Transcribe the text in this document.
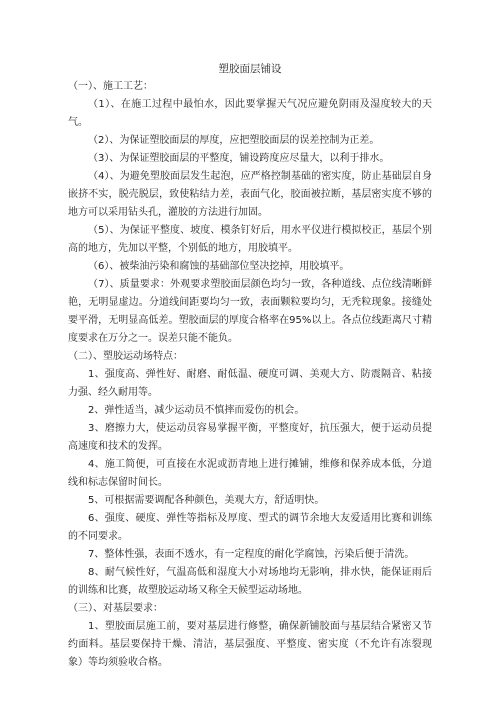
塑胶面层铺设

（一）、施工工艺：

（1）、在施工过程中最怕水，因此要掌握天气况应避免阴雨及湿度较大的天气。

（2）、为保证塑胶面层的厚度，应把塑胶面层的误差控制为正差。

（3）、为保证塑胶面层的平整度，铺设跨度应尽量大，以利于排水。

（4）、为避免塑胶面层发生起泡，应严格控制基础的密实度，防止基础层自身嵌挤不实，脱壳脱层，致使粘结力差，表面气化，胶面被拉断，基层密实度不够的地方可以采用钻头孔，灌胶的方法进行加固。

（5）、为保证平整度、坡度、模条钉好后，用水平仪进行模拟校正，基层个别高的地方，先加以平整，个别低的地方，用胶填平。

（6）、被柴油污染和腐蚀的基础部位坚决挖掉，用胶填平。

（7）、质量要求：外观要求塑胶面层颜色均匀一致，各种道线、点位线清晰鲜艳，无明显虚边。分道线间距要均匀一致，表面颗粒要均匀，无秃粒现象。接缝处要平滑，无明显高低差。塑胶面层的厚度合格率在95%以上。各点位线距离尺寸精度要求在万分之一。误差只能不能负。

（二）、塑胶运动场特点：

1、强度高、弹性好、耐磨、耐低温、硬度可调、美观大方、防震隔音、粘接力强、经久耐用等。

2、弹性适当，减少运动员不慎摔而爱伤的机会。

3、磨擦力大，使运动员容易掌握平衡，平整度好，抗压强大，便于运动员提高速度和技术的发挥。

4、施工简便，可直接在水泥或沥青地上进行摊铺，维修和保养成本低，分道线和标志保留时间长。

5、可根据需要调配各种颜色，美观大方，舒适明快。

6、强度、硬度、弹性等指标及厚度、型式的调节余地大友爱适用比赛和训练的不同要求。

7、整体性强，表面不透水，有一定程度的耐化学腐蚀，污染后便于清洗。

8、耐气候性好，气温高低和湿度大小对场地均无影响，排水快，能保证雨后的训练和比赛，故塑胶运动场又称全天候型运动场地。

（三）、对基层要求：

1、塑胶面层施工前，要对基层进行修整，确保新铺胶面与基层结合紧密又节约面料。基层要保持干燥、清洁，基层强度、平整度、密实度（不允许有冻裂现象）等均须验收合格。
